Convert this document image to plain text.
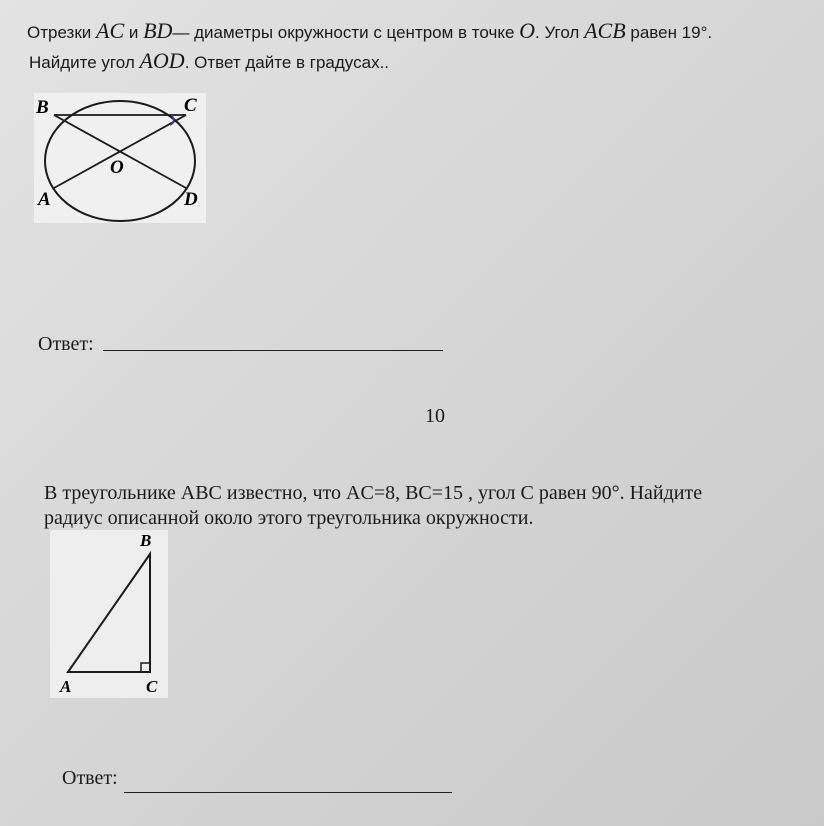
Отрезки AC и BD— диаметры окружности с центром в точке O. Угол ACB равен 19°.
Найдите угол AOD. Ответ дайте в градусах..
B	C
O
A	D
Ответ:
10
В треугольнике ABC известно, что AC=8, BC=15 , угол C равен 90°. Найдите
радиус описанной около этого треугольника окружности.
B
A	C
Ответ:
